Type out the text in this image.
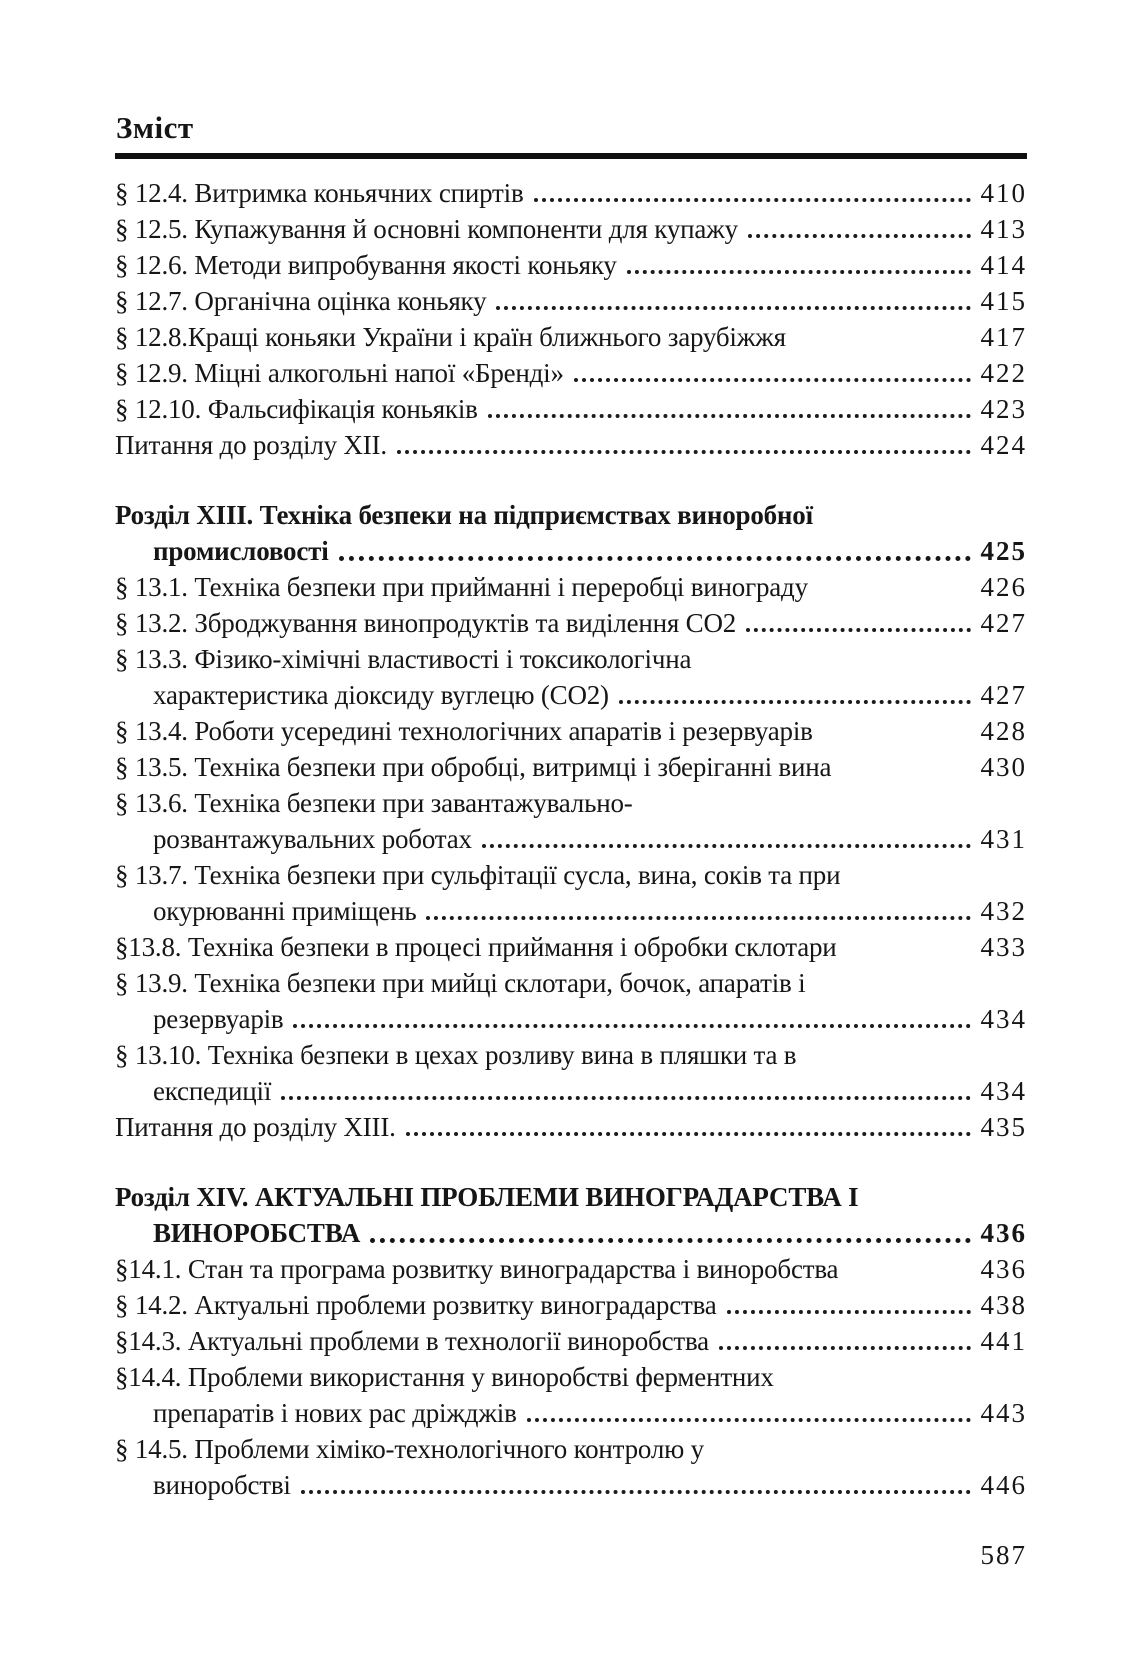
Зміст
§ 12.4. Витримка коньячних спиртів	410
§ 12.5. Купажування й основні компоненти для купажу	413
§ 12.6. Методи випробування якості коньяку	414
§ 12.7. Органічна оцінка коньяку	415
§ 12.8.Кращі коньяки України і країн ближнього зарубіжжя	417
§ 12.9. Міцні алкогольні напої «Бренді»	422
§ 12.10. Фальсифікація коньяків	423
Питання до розділу XII.	424
Розділ XIII. Техніка безпеки на підприємствах виноробної
промисловості	425
§ 13.1. Техніка безпеки при прийманні і переробці винограду	426
§ 13.2. Зброджування винопродуктів та виділення СО2	427
§ 13.3. Фізико-хімічні властивості і токсикологічна
характеристика діоксиду вуглецю (СО2)	427
§ 13.4. Роботи усередині технологічних апаратів і резервуарів	428
§ 13.5. Техніка безпеки при обробці, витримці і зберіганні вина	430
§ 13.6. Техніка безпеки при завантажувально-
розвантажувальних роботах	431
§ 13.7. Техніка безпеки при сульфітації сусла, вина, соків та при
окурюванні приміщень	432
§13.8. Техніка безпеки в процесі приймання і обробки склотари	433
§ 13.9. Техніка безпеки при мийці склотари, бочок, апаратів і
резервуарів	434
§ 13.10. Техніка безпеки в цехах розливу вина в пляшки та в
експедиції	434
Питання до розділу XIII.	435
Розділ XIV. АКТУАЛЬНІ ПРОБЛЕМИ ВИНОГРАДАРСТВА І
ВИНОРОБСТВА	436
§14.1. Стан та програма розвитку виноградарства і виноробства	436
§ 14.2. Актуальні проблеми розвитку виноградарства	438
§14.3. Актуальні проблеми в технології виноробства	441
§14.4. Проблеми використання у виноробстві ферментних
препаратів і нових рас дріжджів	443
§ 14.5. Проблеми хіміко-технологічного контролю у
виноробстві	446
587
